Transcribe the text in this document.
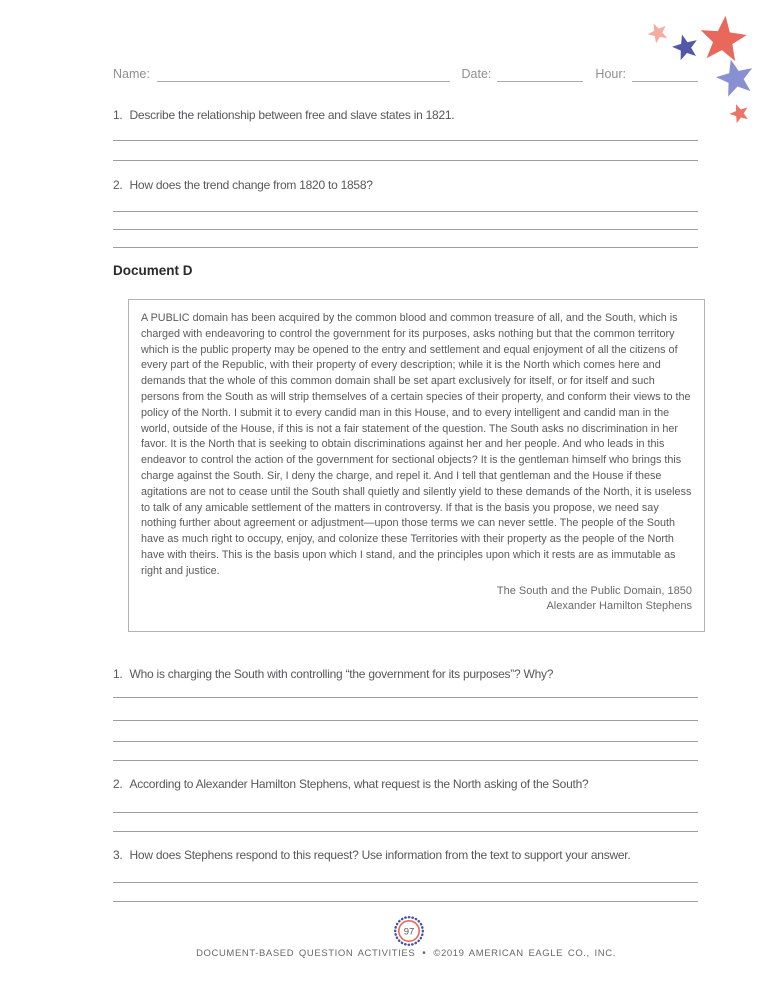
Name:	Date:	Hour:
1. Describe the relationship between free and slave states in 1821.
2. How does the trend change from 1820 to 1858?
Document D
A PUBLIC domain has been acquired by the common blood and common treasure of all, and the South, which is charged with endeavoring to control the government for its purposes, asks nothing but that the common territory which is the public property may be opened to the entry and settlement and equal enjoyment of all the citizens of every part of the Republic, with their property of every description; while it is the North which comes here and demands that the whole of this common domain shall be set apart exclusively for itself, or for itself and such persons from the South as will strip themselves of a certain species of their property, and conform their views to the policy of the North. I submit it to every candid man in this House, and to every intelligent and candid man in the world, outside of the House, if this is not a fair statement of the question. The South asks no discrimination in her favor. It is the North that is seeking to obtain discriminations against her and her people. And who leads in this endeavor to control the action of the government for sectional objects? It is the gentleman himself who brings this charge against the South. Sir, I deny the charge, and repel it. And I tell that gentleman and the House if these agitations are not to cease until the South shall quietly and silently yield to these demands of the North, it is useless to talk of any amicable settlement of the matters in controversy. If that is the basis you propose, we need say nothing further about agreement or adjustment—upon those terms we can never settle. The people of the South have as much right to occupy, enjoy, and colonize these Territories with their property as the people of the North have with theirs. This is the basis upon which I stand, and the principles upon which it rests are as immutable as right and justice.
The South and the Public Domain, 1850
Alexander Hamilton Stephens
1. Who is charging the South with controlling “the government for its purposes”? Why?
2. According to Alexander Hamilton Stephens, what request is the North asking of the South?
3. How does Stephens respond to this request? Use information from the text to support your answer.
97
DOCUMENT-BASED QUESTION ACTIVITIES • ©2019 AMERICAN EAGLE CO., INC.
